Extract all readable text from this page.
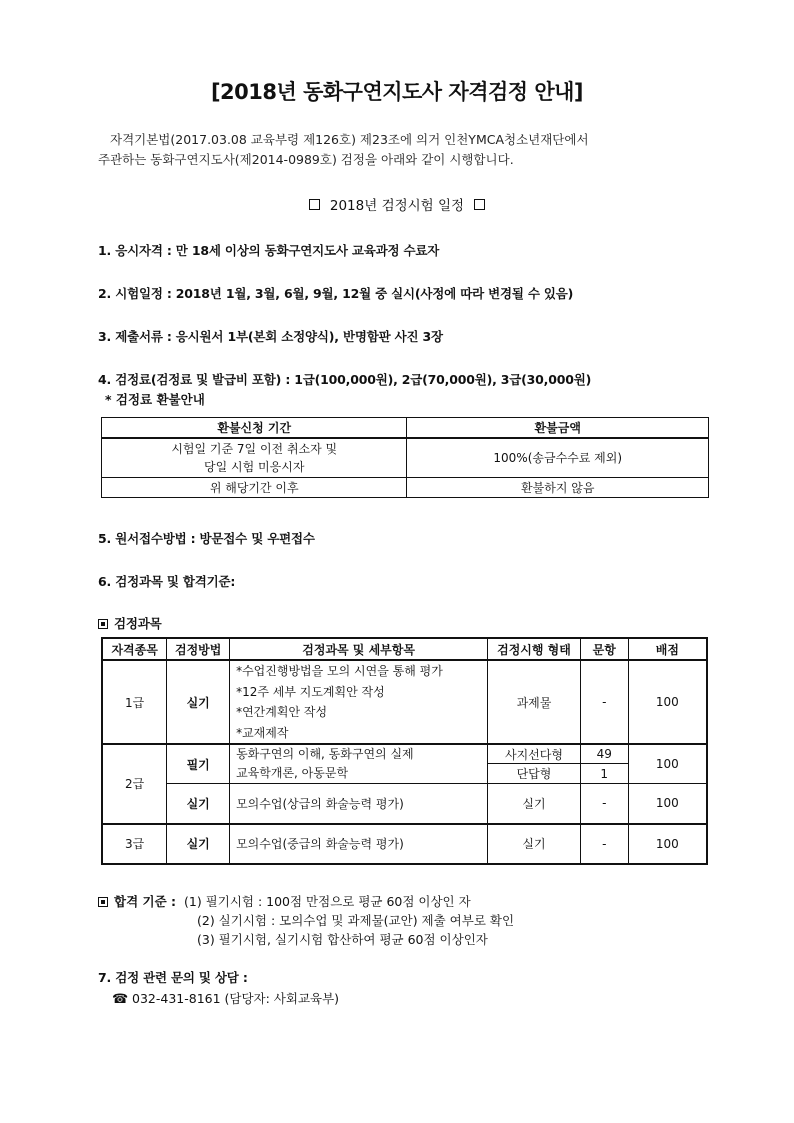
[2018년 동화구연지도사 자격검정 안내]
자격기본법(2017.03.08 교육부령 제126호) 제23조에 의거 인천YMCA청소년재단에서
주관하는 동화구연지도사(제2014-0989호) 검정을 아래와 같이 시행합니다.
2018년 검정시험 일정
1. 응시자격 : 만 18세 이상의 동화구연지도사 교육과정 수료자
2. 시험일정 : 2018년 1월, 3월, 6월, 9월, 12월 중 실시(사정에 따라 변경될 수 있음)
3. 제출서류 : 응시원서 1부(본회 소정양식), 반명함판 사진 3장
4. 검정료(검정료 및 발급비 포함) : 1급(100,000원), 2급(70,000원), 3급(30,000원)
* 검정료 환불안내
환불신청 기간	환불금액

시험일 기준 7일 이전 취소자 및
당일 시험 미응시자	100%(송금수수료 제외)
위 해당기간 이후	환불하지 않음
5. 원서접수방법 : 방문접수 및 우편접수
6. 검정과목 및 합격기준:
검정과목
자격종목	검정방법	검정과목 및 세부항목	검정시행 형태	문항	배점
1급	실기	*수업진행방법을 모의 시연을 통해 평가
*12주 세부 지도계획안 작성
*연간계획안 작성
*교재제작	과제물	-	100
2급	필기	동화구연의 이해, 동화구연의 실제
교육학개론, 아동문학	사지선다형	49	100
			단답형	1	
	실기	모의수업(상급의 화술능력 평가)	실기	-	100
3급	실기	모의수업(중급의 화술능력 평가)	실기	-	100
합격 기준 : (1) 필기시험 : 100점 만점으로 평균 60점 이상인 자
(2) 실기시험 : 모의수업 및 과제물(교안) 제출 여부로 확인
(3) 필기시험, 실기시험 합산하여 평균 60점 이상인자
7. 검정 관련 문의 및 상담 :
☎ 032-431-8161 (담당자: 사회교육부)
